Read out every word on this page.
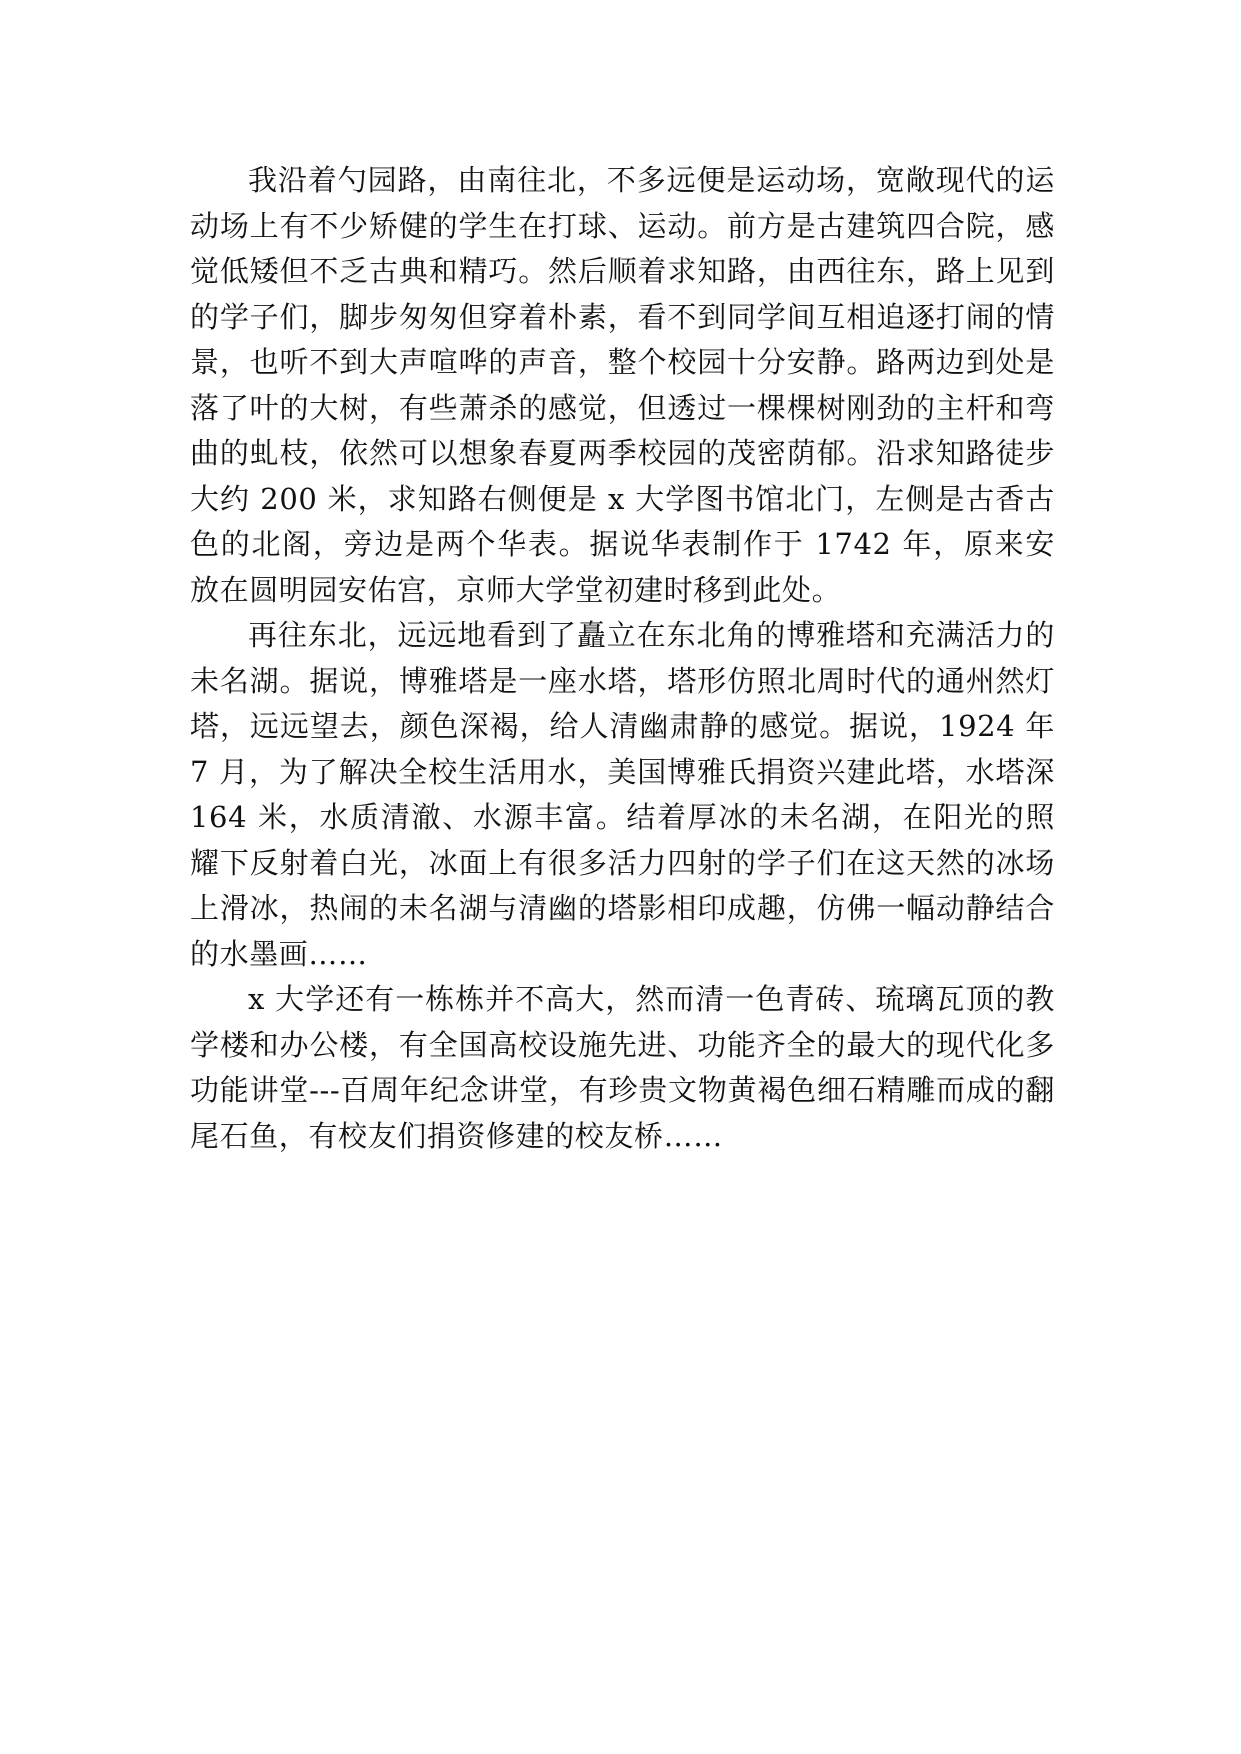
我沿着勺园路，由南往北，不多远便是运动场，宽敞现代的运动场上有不少矫健的学生在打球、运动。前方是古建筑四合院，感觉低矮但不乏古典和精巧。然后顺着求知路，由西往东，路上见到的学子们，脚步匆匆但穿着朴素，看不到同学间互相追逐打闹的情景，也听不到大声喧哗的声音，整个校园十分安静。路两边到处是落了叶的大树，有些萧杀的感觉，但透过一棵棵树刚劲的主杆和弯曲的虬枝，依然可以想象春夏两季校园的茂密荫郁。沿求知路徒步大约 200 米，求知路右侧便是 x 大学图书馆北门，左侧是古香古色的北阁，旁边是两个华表。据说华表制作于 1742 年，原来安放在圆明园安佑宫，京师大学堂初建时移到此处。

再往东北，远远地看到了矗立在东北角的博雅塔和充满活力的未名湖。据说，博雅塔是一座水塔，塔形仿照北周时代的通州然灯塔，远远望去，颜色深褐，给人清幽肃静的感觉。据说，1924 年 7 月，为了解决全校生活用水，美国博雅氏捐资兴建此塔，水塔深 164 米，水质清澈、水源丰富。结着厚冰的未名湖，在阳光的照耀下反射着白光，冰面上有很多活力四射的学子们在这天然的冰场上滑冰，热闹的未名湖与清幽的塔影相印成趣，仿佛一幅动静结合的水墨画……

x 大学还有一栋栋并不高大，然而清一色青砖、琉璃瓦顶的教学楼和办公楼，有全国高校设施先进、功能齐全的最大的现代化多功能讲堂---百周年纪念讲堂，有珍贵文物黄褐色细石精雕而成的翻尾石鱼，有校友们捐资修建的校友桥……
